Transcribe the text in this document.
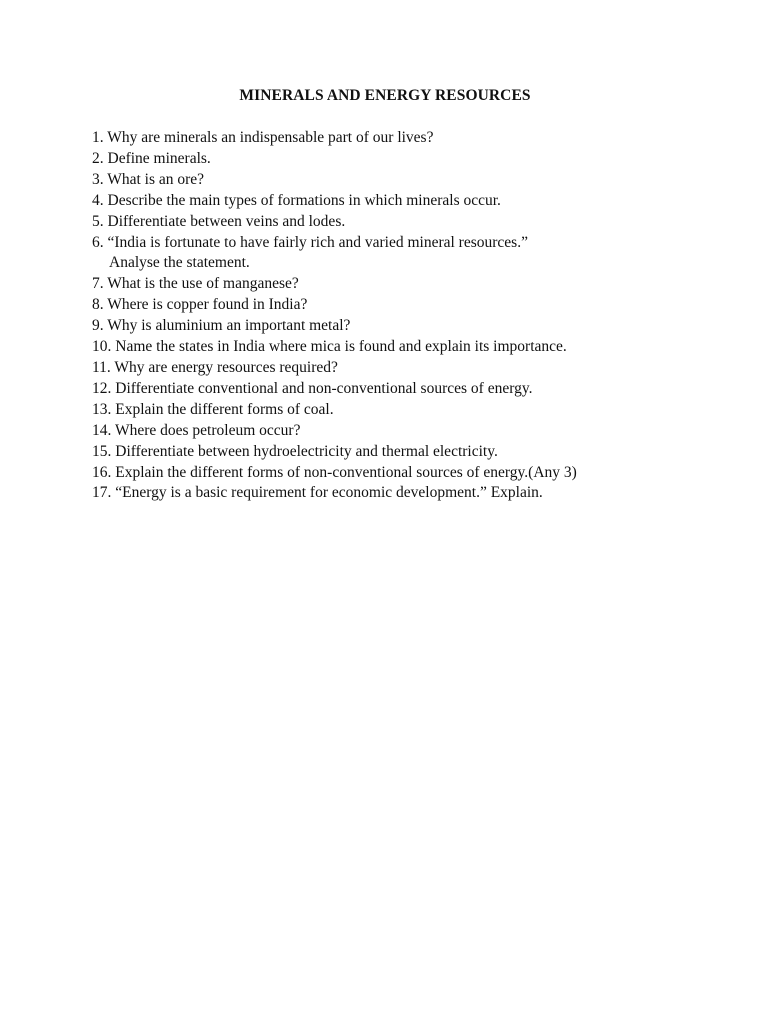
MINERALS AND ENERGY RESOURCES
1. Why are minerals an indispensable part of our lives?
2. Define minerals.
3. What is an ore?
4. Describe the main types of formations in which minerals occur.
5. Differentiate between veins and lodes.
6. “India is fortunate to have fairly rich and varied mineral resources.”
Analyse the statement.
7. What is the use of manganese?
8. Where is copper found in India?
9. Why is aluminium an important metal?
10. Name the states in India where mica is found and explain its importance.
11. Why are energy resources required?
12. Differentiate conventional and non-conventional sources of energy.
13. Explain the different forms of coal.
14. Where does petroleum occur?
15. Differentiate between hydroelectricity and thermal electricity.
16. Explain the different forms of non-conventional sources of energy.(Any 3)
17. “Energy is a basic requirement for economic development.” Explain.
